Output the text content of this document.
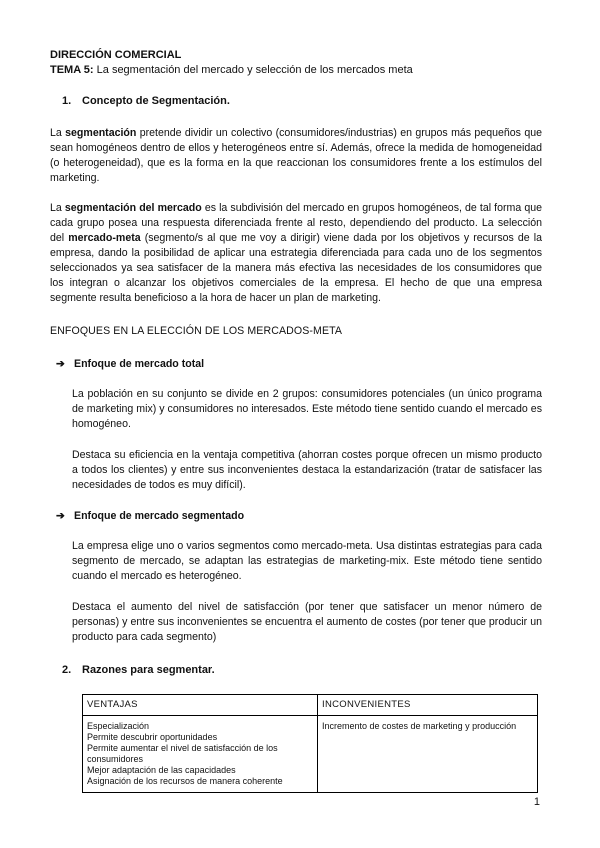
DIRECCIÓN COMERCIAL
TEMA 5: La segmentación del mercado y selección de los mercados meta
1. Concepto de Segmentación.

La segmentación pretende dividir un colectivo (consumidores/industrias) en grupos más pequeños que sean homogéneos dentro de ellos y heterogéneos entre sí. Además, ofrece la medida de homogeneidad (o heterogeneidad), que es la forma en la que reaccionan los consumidores frente a los estímulos del marketing.

La segmentación del mercado es la subdivisión del mercado en grupos homogéneos, de tal forma que cada grupo posea una respuesta diferenciada frente al resto, dependiendo del producto. La selección del mercado-meta (segmento/s al que me voy a dirigir) viene dada por los objetivos y recursos de la empresa, dando la posibilidad de aplicar una estrategia diferenciada para cada uno de los segmentos seleccionados ya sea satisfacer de la manera más efectiva las necesidades de los consumidores que los integran o alcanzar los objetivos comerciales de la empresa. El hecho de que una empresa segmente resulta beneficioso a la hora de hacer un plan de marketing.

ENFOQUES EN LA ELECCIÓN DE LOS MERCADOS-META
➔ Enfoque de mercado total

La población en su conjunto se divide en 2 grupos: consumidores potenciales (un único programa de marketing mix) y consumidores no interesados. Este método tiene sentido cuando el mercado es homogéneo.

Destaca su eficiencia en la ventaja competitiva (ahorran costes porque ofrecen un mismo producto a todos los clientes) y entre sus inconvenientes destaca la estandarización (tratar de satisfacer las necesidades de todos es muy difícil).

➔ Enfoque de mercado segmentado

La empresa elige uno o varios segmentos como mercado-meta. Usa distintas estrategias para cada segmento de mercado, se adaptan las estrategias de marketing-mix. Este método tiene sentido cuando el mercado es heterogéneo.

Destaca el aumento del nivel de satisfacción (por tener que satisfacer un menor número de personas) y entre sus inconvenientes se encuentra el aumento de costes (por tener que producir un producto para cada segmento)

2. Razones para segmentar.
VENTAJAS	INCONVENIENTES

Especialización
Permite descubrir oportunidades
Permite aumentar el nivel de satisfacción de los consumidores
Mejor adaptación de las capacidades
Asignación de los recursos de manera coherente	Incremento de costes de marketing y producción
1
